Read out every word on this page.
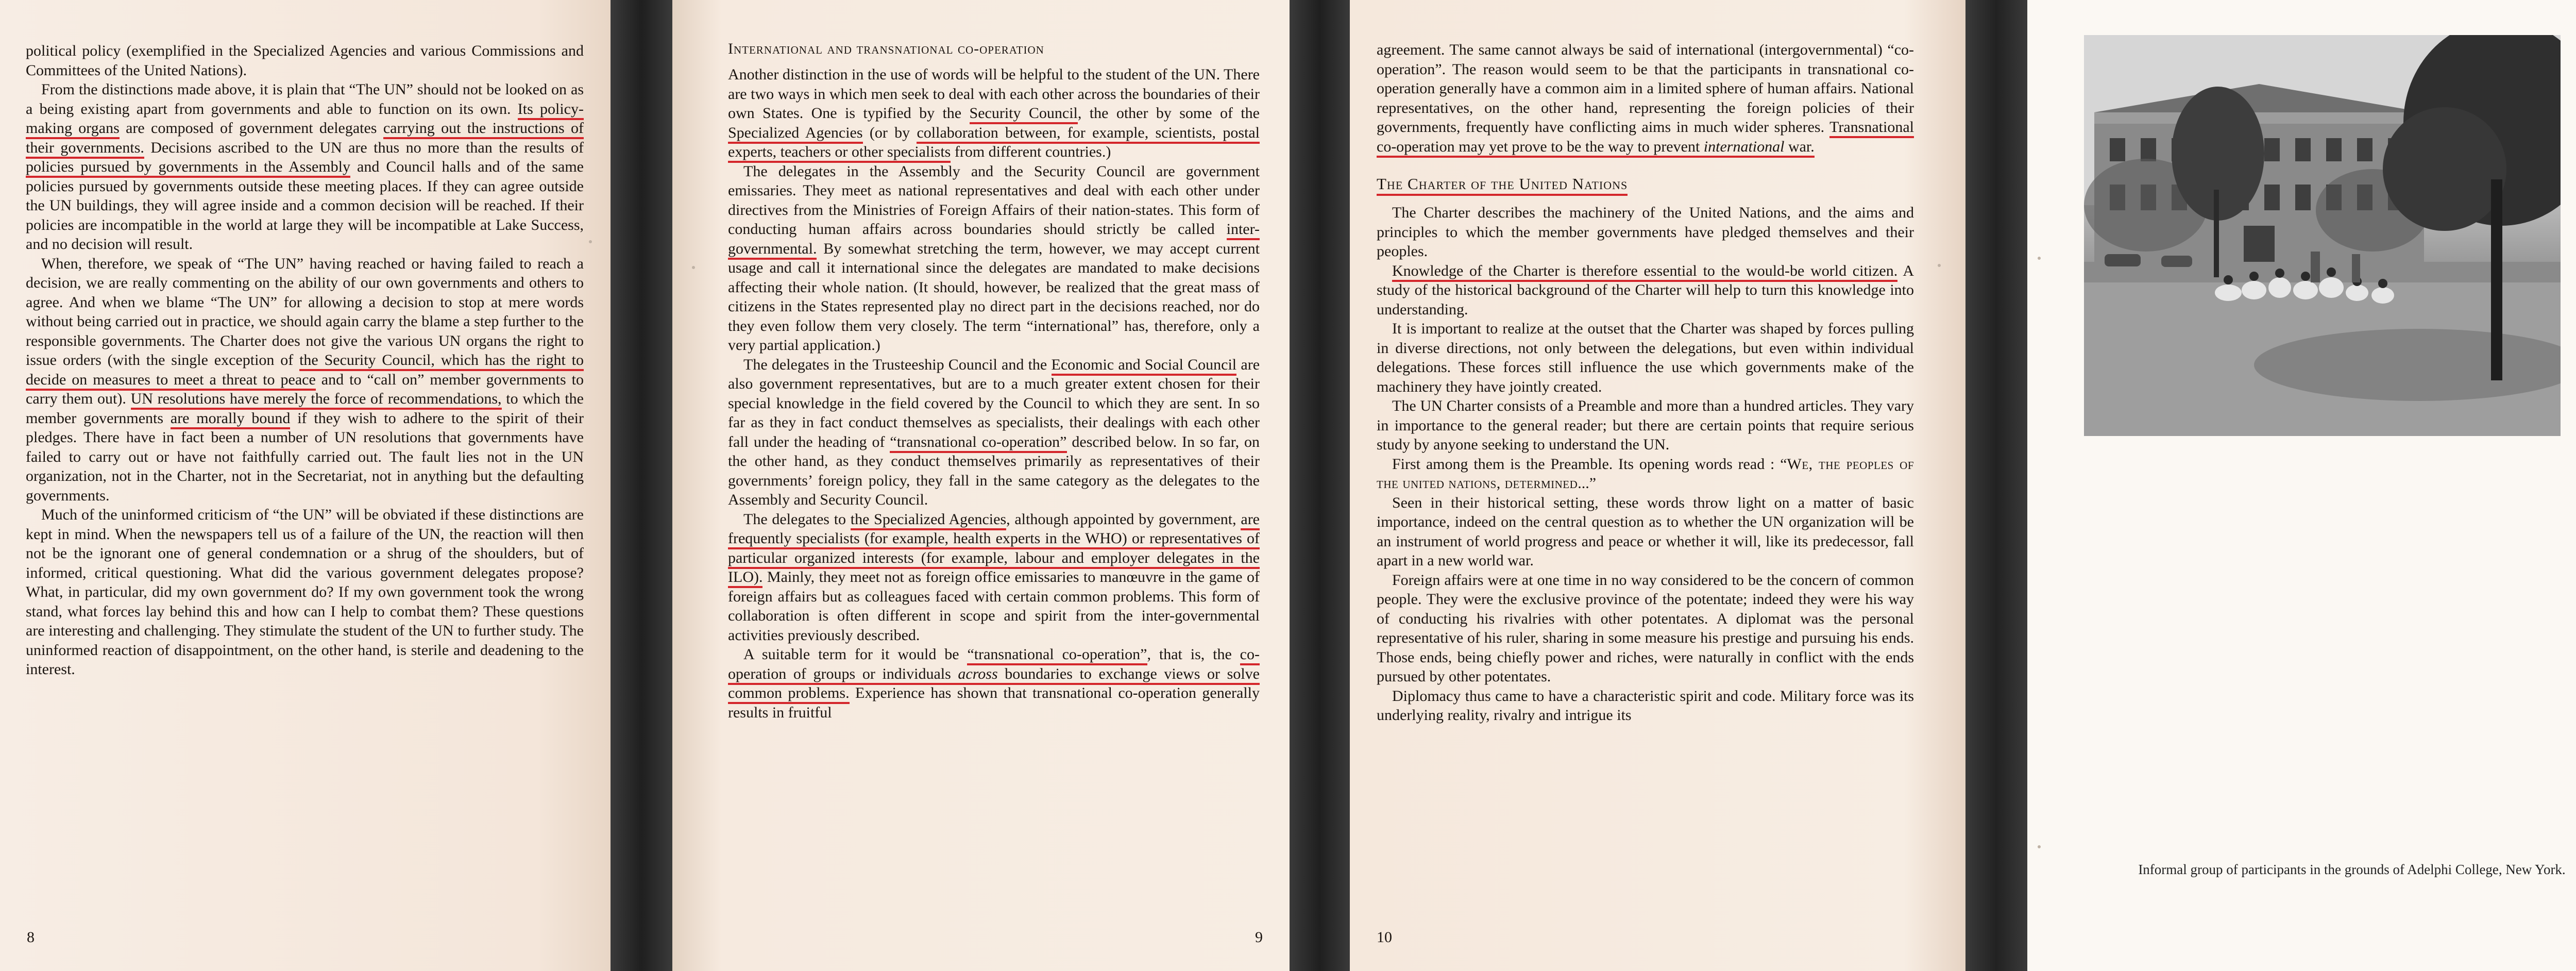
political policy (exemplified in the Specialized Agencies and various Commissions and Committees of the United Nations).

From the distinctions made above, it is plain that “The UN” should not be looked on as a being existing apart from governments and able to function on its own. Its policy-making organs are composed of government delegates carrying out the instructions of their governments. Decisions ascribed to the UN are thus no more than the results of policies pursued by governments in the Assembly and Council halls and of the same policies pursued by governments outside these meeting places. If they can agree outside the UN buildings, they will agree inside and a common decision will be reached. If their policies are incompatible in the world at large they will be incompatible at Lake Success, and no decision will result.

When, therefore, we speak of “The UN” having reached or having failed to reach a decision, we are really commenting on the ability of our own governments and others to agree. And when we blame “The UN” for allowing a decision to stop at mere words without being carried out in practice, we should again carry the blame a step further to the responsible governments. The Charter does not give the various UN organs the right to issue orders (with the single exception of the Security Council, which has the right to decide on measures to meet a threat to peace and to “call on” member governments to carry them out). UN resolutions have merely the force of recommendations, to which the member governments are morally bound if they wish to adhere to the spirit of their pledges. There have in fact been a number of UN resolutions that governments have failed to carry out or have not faithfully carried out. The fault lies not in the UN organization, not in the Charter, not in the Secretariat, not in anything but the defaulting governments.

Much of the uninformed criticism of “the UN” will be obviated if these distinctions are kept in mind. When the newspapers tell us of a failure of the UN, the reaction will then not be the ignorant one of general condemnation or a shrug of the shoulders, but of informed, critical questioning. What did the various government delegates propose? What, in particular, did my own government do? If my own government took the wrong stand, what forces lay behind this and how can I help to combat them? These questions are interesting and challenging. They stimulate the student of the UN to further study. The uninformed reaction of disappointment, on the other hand, is sterile and deadening to the interest.

8
International and transnational co-operation

Another distinction in the use of words will be helpful to the student of the UN. There are two ways in which men seek to deal with each other across the boundaries of their own States. One is typified by the Security Council, the other by some of the Specialized Agencies (or by collaboration between, for example, scientists, postal experts, teachers or other specialists from different countries.)

The delegates in the Assembly and the Security Council are government emissaries. They meet as national representatives and deal with each other under directives from the Ministries of Foreign Affairs of their nation-states. This form of conducting human affairs across boundaries should strictly be called inter-governmental. By somewhat stretching the term, however, we may accept current usage and call it international since the delegates are mandated to make decisions affecting their whole nation. (It should, however, be realized that the great mass of citizens in the States represented play no direct part in the decisions reached, nor do they even follow them very closely. The term “international” has, therefore, only a very partial application.)

The delegates in the Trusteeship Council and the Economic and Social Council are also government representatives, but are to a much greater extent chosen for their special knowledge in the field covered by the Council to which they are sent. In so far as they in fact conduct themselves as specialists, their dealings with each other fall under the heading of “transnational co-operation” described below. In so far, on the other hand, as they conduct themselves primarily as representatives of their governments’ foreign policy, they fall in the same category as the delegates to the Assembly and Security Council.

The delegates to the Specialized Agencies, although appointed by government, are frequently specialists (for example, health experts in the WHO) or representatives of particular organized interests (for example, labour and employer delegates in the ILO). Mainly, they meet not as foreign office emissaries to manœuvre in the game of foreign affairs but as colleagues faced with certain common problems. This form of collaboration is often different in scope and spirit from the inter-governmental activities previously described.

A suitable term for it would be “transnational co-operation”, that is, the co-operation of groups or individuals across boundaries to exchange views or solve common problems. Experience has shown that transnational co-operation generally results in fruitful

9

agreement. The same cannot always be said of international (intergovernmental) “co-operation”. The reason would seem to be that the participants in transnational co-operation generally have a common aim in a limited sphere of human affairs. National representatives, on the other hand, representing the foreign policies of their governments, frequently have conflicting aims in much wider spheres. Transnational co-operation may yet prove to be the way to prevent international war.

The Charter of the United Nations

The Charter describes the machinery of the United Nations, and the aims and principles to which the member governments have pledged themselves and their peoples.

Knowledge of the Charter is therefore essential to the would-be world citizen. A study of the historical background of the Charter will help to turn this knowledge into understanding.

It is important to realize at the outset that the Charter was shaped by forces pulling in diverse directions, not only between the delegations, but even within individual delegations. These forces still influence the use which governments make of the machinery they have jointly created.

The UN Charter consists of a Preamble and more than a hundred articles. They vary in importance to the general reader; but there are certain points that require serious study by anyone seeking to understand the UN.

First among them is the Preamble. Its opening words read : “We, the peoples of the united nations, determined...”

Seen in their historical setting, these words throw light on a matter of basic importance, indeed on the central question as to whether the UN organization will be an instrument of world progress and peace or whether it will, like its predecessor, fall apart in a new world war.

Foreign affairs were at one time in no way considered to be the concern of common people. They were the exclusive province of the potentate; indeed they were his way of conducting his rivalries with other potentates. A diplomat was the personal representative of his ruler, sharing in some measure his prestige and pursuing his ends. Those ends, being chiefly power and riches, were naturally in conflict with the ends pursued by other potentates.

Diplomacy thus came to have a characteristic spirit and code. Military force was its underlying reality, rivalry and intrigue its

10
Informal group of participants in the grounds of Adelphi College, New York.
